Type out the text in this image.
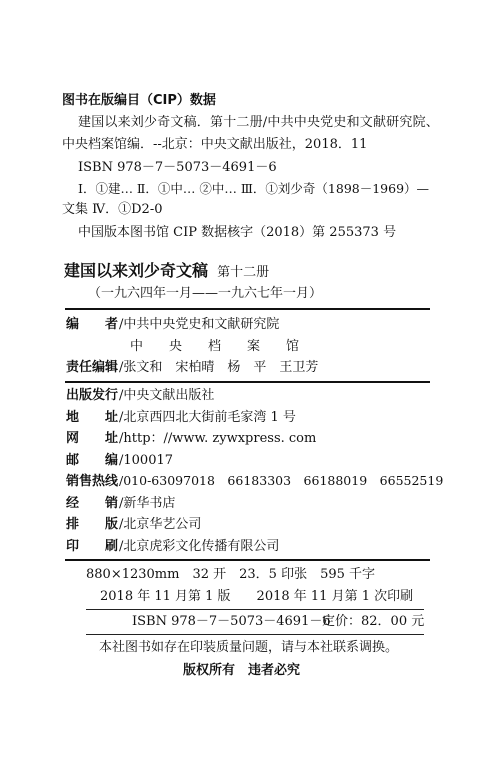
图书在版编目（CIP）数据
建国以来刘少奇文稿．第十二册/中共中央党史和文献研究院、
中央档案馆编．--北京：中央文献出版社，2018．11
ISBN 978－7－5073－4691－6
Ⅰ．①建… Ⅱ．①中… ②中… Ⅲ．①刘少奇（1898－1969）—
文集 Ⅳ．①D2-0
中国版本图书馆 CIP 数据核字（2018）第 255373 号
建国以来刘少奇文稿 第十二册
（一九六四年一月——一九六七年一月）
编　　者 /中共中央党史和文献研究院
中　　央　　档　　案　　馆
责任编辑 /张文和　宋柏晴　杨　平　王卫芳
出版发行 /中央文献出版社
地　　址 /北京西四北大街前毛家湾 1 号
网　　址 /http：//www. zywxpress. com
邮　　编 /100017
销售热线 /010-63097018　66183303　66188019　66552519
经　　销 /新华书店
排　　版 /北京华艺公司
印　　刷 /北京虎彩文化传播有限公司
880×1230mm　32 开　23．5 印张　595 千字
2018 年 11 月第 1 版　　2018 年 11 月第 1 次印刷
ISBN 978－7－5073－4691－6
定价：82．00 元
本社图书如存在印装质量问题，请与本社联系调换。
版权所有　违者必究
